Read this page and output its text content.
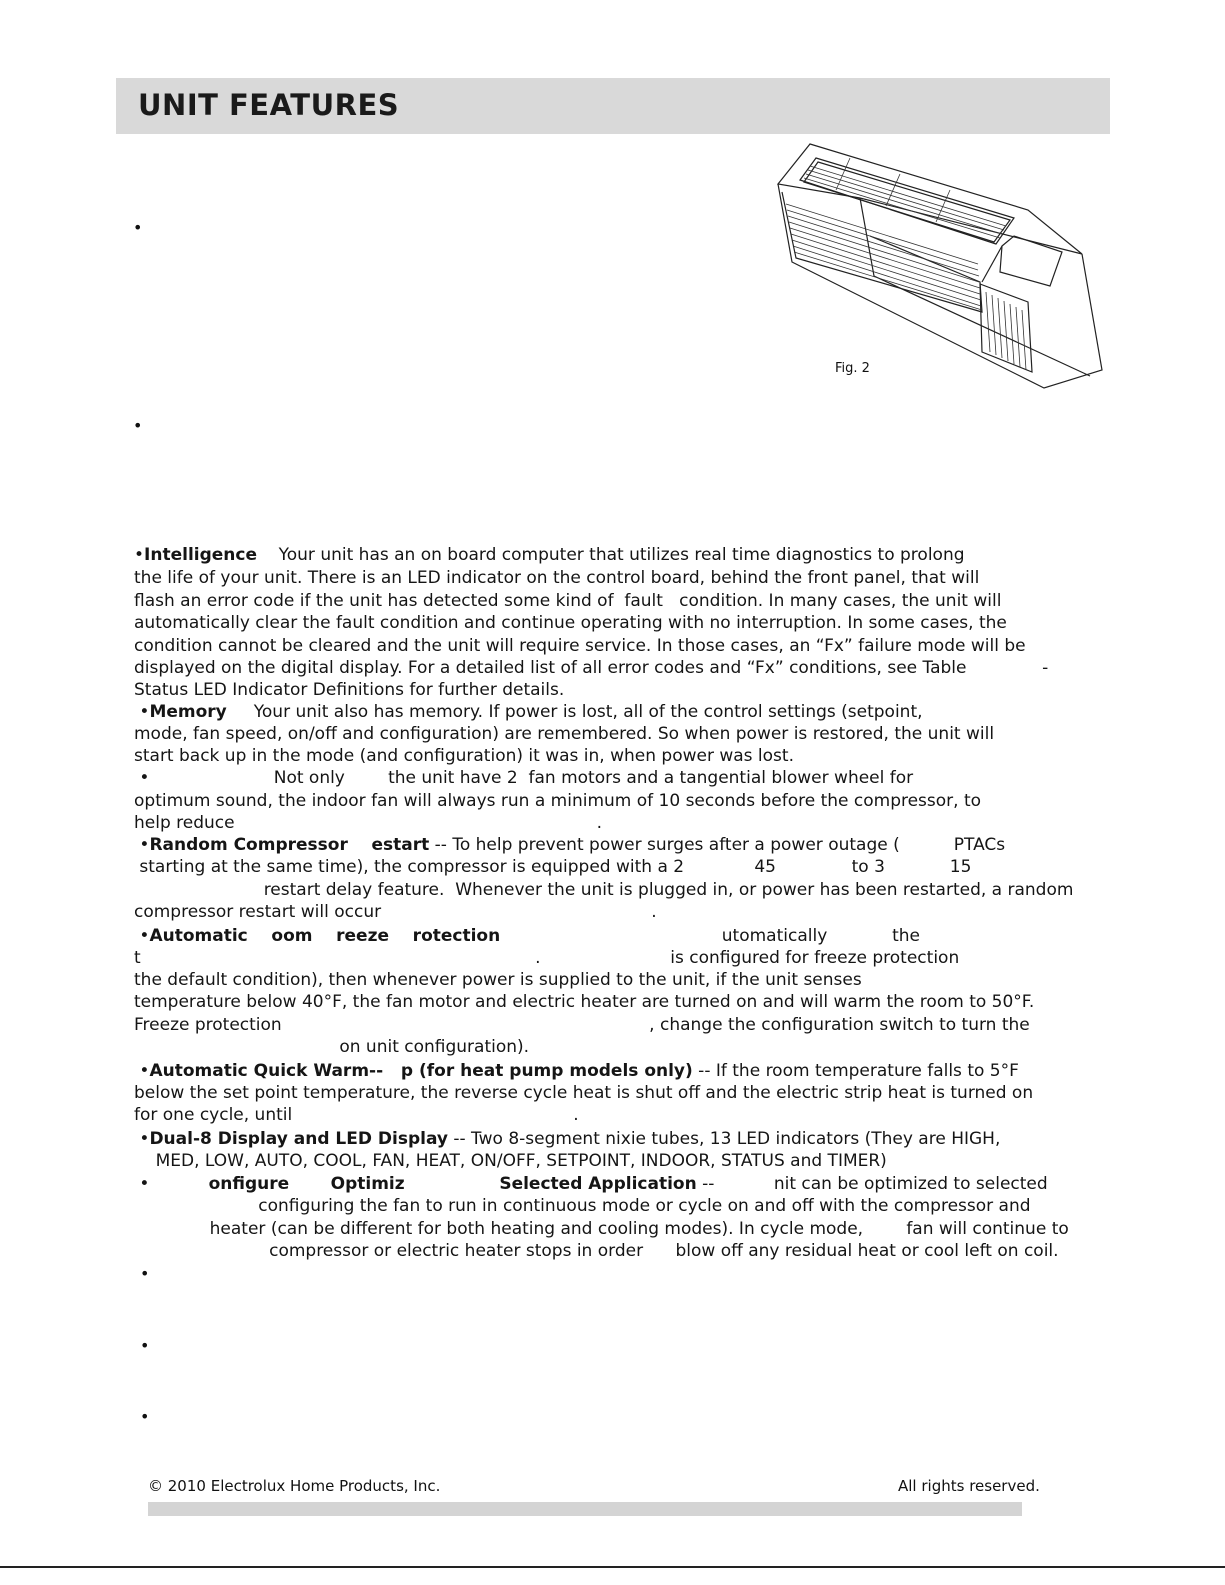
UNIT FEATURES
•
•
•
•
•
Fig. 2
•Intelligence    Your unit has an on board computer that utilizes real time diagnostics to prolong
the life of your unit. There is an LED indicator on the control board, behind the front panel, that will
flash an error code if the unit has detected some kind of  fault   condition. In many cases, the unit will
automatically clear the fault condition and continue operating with no interruption. In some cases, the
condition cannot be cleared and the unit will require service. In those cases, an “Fx” failure mode will be
displayed on the digital display. For a detailed list of all error codes and “Fx” conditions, see Table              -
Status LED Indicator Definitions for further details.
•Memory     Your unit also has memory. If power is lost, all of the control settings (setpoint,
mode, fan speed, on/off and configuration) are remembered. So when power is restored, the unit will
start back up in the mode (and configuration) it was in, when power was lost.
•                       Not only        the unit have 2  fan motors and a tangential blower wheel for
optimum sound, the indoor fan will always run a minimum of 10 seconds before the compressor, to
help reduce                                                                   .
•Random Compressor    estart -- To help prevent power surges after a power outage (          PTACs
starting at the same time), the compressor is equipped with a 2             45              to 3            15
restart delay feature.  Whenever the unit is plugged in, or power has been restarted, a random
compressor restart will occur                                                  .
•Automatic    oom    reeze    rotection                                         utomatically            the
t                                                                         .                        is configured for freeze protection
the default condition), then whenever power is supplied to the unit, if the unit senses
temperature below 40°F, the fan motor and electric heater are turned on and will warm the room to 50°F.
Freeze protection                                                                    , change the configuration switch to turn the
on unit configuration).
•Automatic Quick Warm--   p (for heat pump models only) -- If the room temperature falls to 5°F
below the set point temperature, the reverse cycle heat is shut off and the electric strip heat is turned on
for one cycle, until                                                    .
•Dual-8 Display and LED Display -- Two 8-segment nixie tubes, 13 LED indicators (They are HIGH,
MED, LOW, AUTO, COOL, FAN, HEAT, ON/OFF, SETPOINT, INDOOR, STATUS and TIMER)
•          onfigure       Optimiz                Selected Application --           nit can be optimized to selected
configuring the fan to run in continuous mode or cycle on and off with the compressor and
heater (can be different for both heating and cooling modes). In cycle mode,        fan will continue to
compressor or electric heater stops in order      blow off any residual heat or cool left on coil.
© 2010 Electrolux Home Products, Inc.	All rights reserved.
